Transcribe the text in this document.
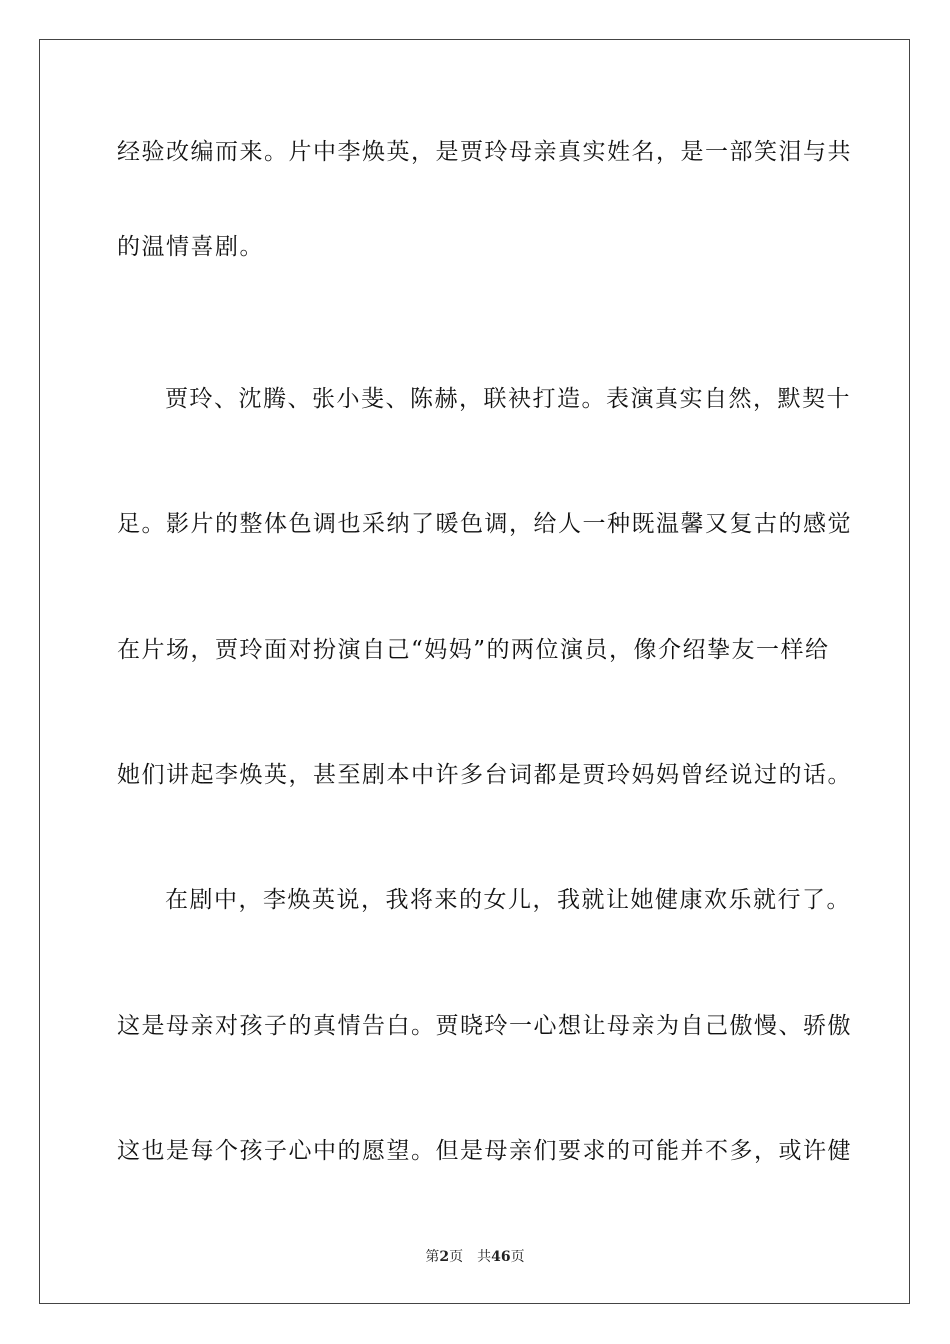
经验改编而来。片中李焕英，是贾玲母亲真实姓名，是一部笑泪与共
的温情喜剧。
贾玲、沈腾、张小斐、陈赫，联袂打造。表演真实自然，默契十
足。影片的整体色调也采纳了暖色调，给人一种既温馨又复古的感觉
在片场，贾玲面对扮演自己“妈妈”的两位演员，像介绍挚友一样给
她们讲起李焕英，甚至剧本中许多台词都是贾玲妈妈曾经说过的话。
在剧中，李焕英说，我将来的女儿，我就让她健康欢乐就行了。
这是母亲对孩子的真情告白。贾晓玲一心想让母亲为自己傲慢、骄傲
这也是每个孩子心中的愿望。但是母亲们要求的可能并不多，或许健
第2页 共46页
